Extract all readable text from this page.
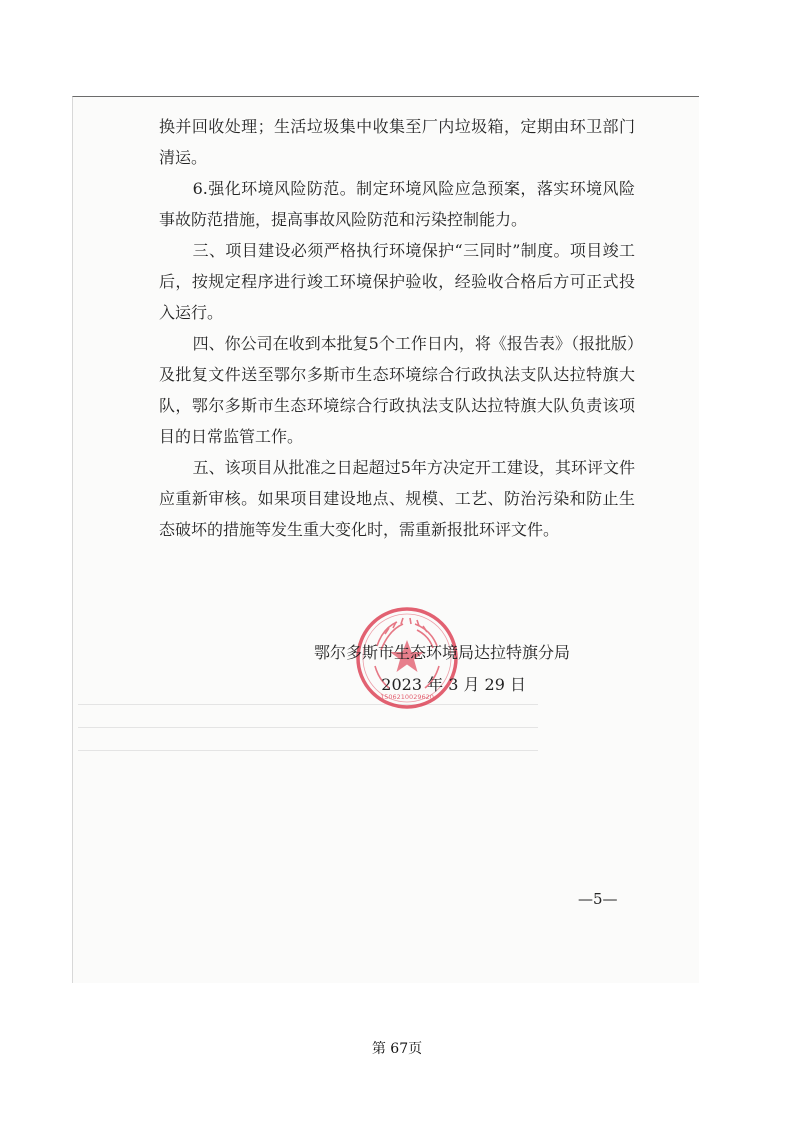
换并回收处理；生活垃圾集中收集至厂内垃圾箱，定期由环卫部门清运。

6.强化环境风险防范。制定环境风险应急预案，落实环境风险事故防范措施，提高事故风险防范和污染控制能力。

三、项目建设必须严格执行环境保护“三同时”制度。项目竣工后，按规定程序进行竣工环境保护验收，经验收合格后方可正式投入运行。

四、你公司在收到本批复5个工作日内，将《报告表》（报批版）及批复文件送至鄂尔多斯市生态环境综合行政执法支队达拉特旗大队，鄂尔多斯市生态环境综合行政执法支队达拉特旗大队负责该项目的日常监管工作。

五、该项目从批准之日起超过5年方决定开工建设，其环评文件应重新审核。如果项目建设地点、规模、工艺、防治污染和防止生态破坏的措施等发生重大变化时，需重新报批环评文件。

1506210029620
鄂尔多斯市生态环境局达拉特旗分局
2023 年 3 月 29 日
—5—
第 67页
